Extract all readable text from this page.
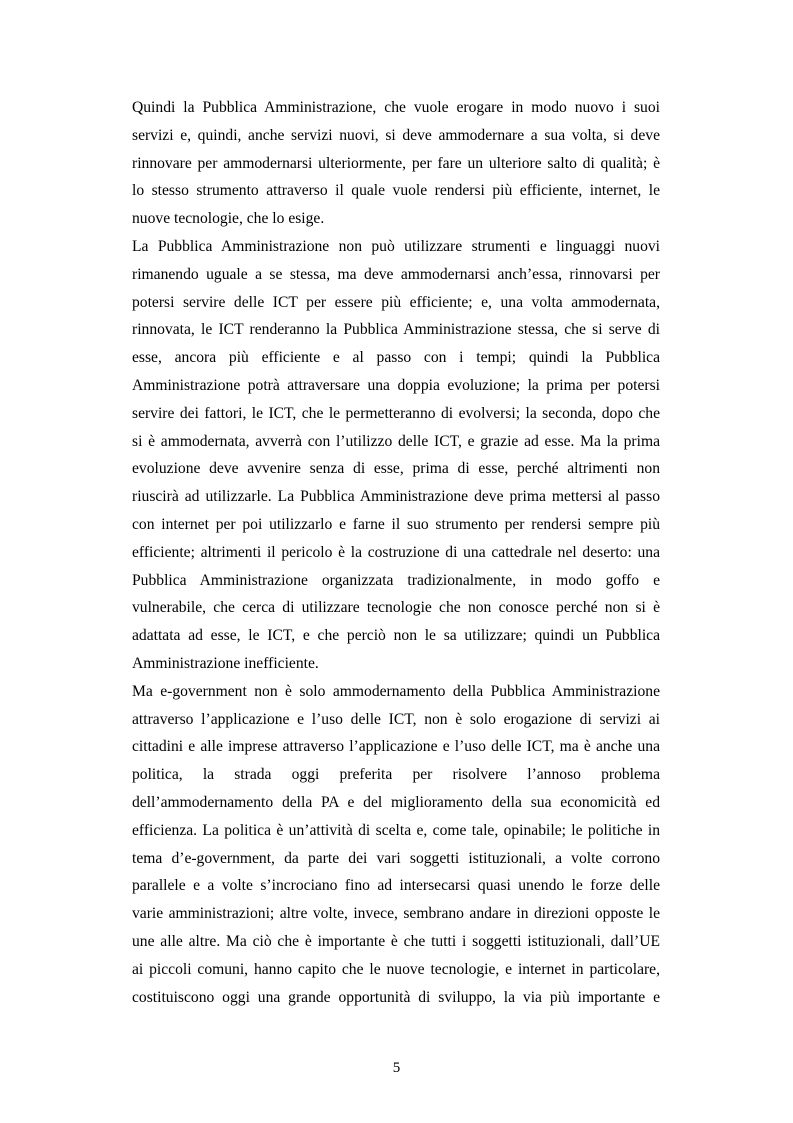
Quindi la Pubblica Amministrazione, che vuole erogare in modo nuovo i suoi
servizi e, quindi, anche servizi nuovi, si deve ammodernare a sua volta, si deve
rinnovare per ammodernarsi ulteriormente, per fare un ulteriore salto di qualità; è
lo stesso strumento attraverso il quale vuole rendersi più efficiente, internet, le
nuove tecnologie, che lo esige.
La Pubblica Amministrazione non può utilizzare strumenti e linguaggi nuovi
rimanendo uguale a se stessa, ma deve ammodernarsi anch’essa, rinnovarsi per
potersi servire delle ICT per essere più efficiente; e, una volta ammodernata,
rinnovata, le ICT renderanno la Pubblica Amministrazione stessa, che si serve di
esse, ancora più efficiente e al passo con i tempi; quindi la Pubblica
Amministrazione potrà attraversare una doppia evoluzione; la prima per potersi
servire dei fattori, le ICT, che le permetteranno di evolversi; la seconda, dopo che
si è ammodernata, avverrà con l’utilizzo delle ICT, e grazie ad esse. Ma la prima
evoluzione deve avvenire senza di esse, prima di esse, perché altrimenti non
riuscirà ad utilizzarle. La Pubblica Amministrazione deve prima mettersi al passo
con internet per poi utilizzarlo e farne il suo strumento per rendersi sempre più
efficiente; altrimenti il pericolo è la costruzione di una cattedrale nel deserto: una
Pubblica Amministrazione organizzata tradizionalmente, in modo goffo e
vulnerabile, che cerca di utilizzare tecnologie che non conosce perché non si è
adattata ad esse, le ICT, e che perciò non le sa utilizzare; quindi un Pubblica
Amministrazione inefficiente.
Ma e-government non è solo ammodernamento della Pubblica Amministrazione
attraverso l’applicazione e l’uso delle ICT, non è solo erogazione di servizi ai
cittadini e alle imprese attraverso l’applicazione e l’uso delle ICT, ma è anche una
politica, la strada oggi preferita per risolvere l’annoso problema
dell’ammodernamento della PA e del miglioramento della sua economicità ed
efficienza. La politica è un’attività di scelta e, come tale, opinabile; le politiche in
tema d’e-government, da parte dei vari soggetti istituzionali, a volte corrono
parallele e a volte s’incrociano fino ad intersecarsi quasi unendo le forze delle
varie amministrazioni; altre volte, invece, sembrano andare in direzioni opposte le
une alle altre. Ma ciò che è importante è che tutti i soggetti istituzionali, dall’UE
ai piccoli comuni, hanno capito che le nuove tecnologie, e internet in particolare,
costituiscono oggi una grande opportunità di sviluppo, la via più importante e
5
